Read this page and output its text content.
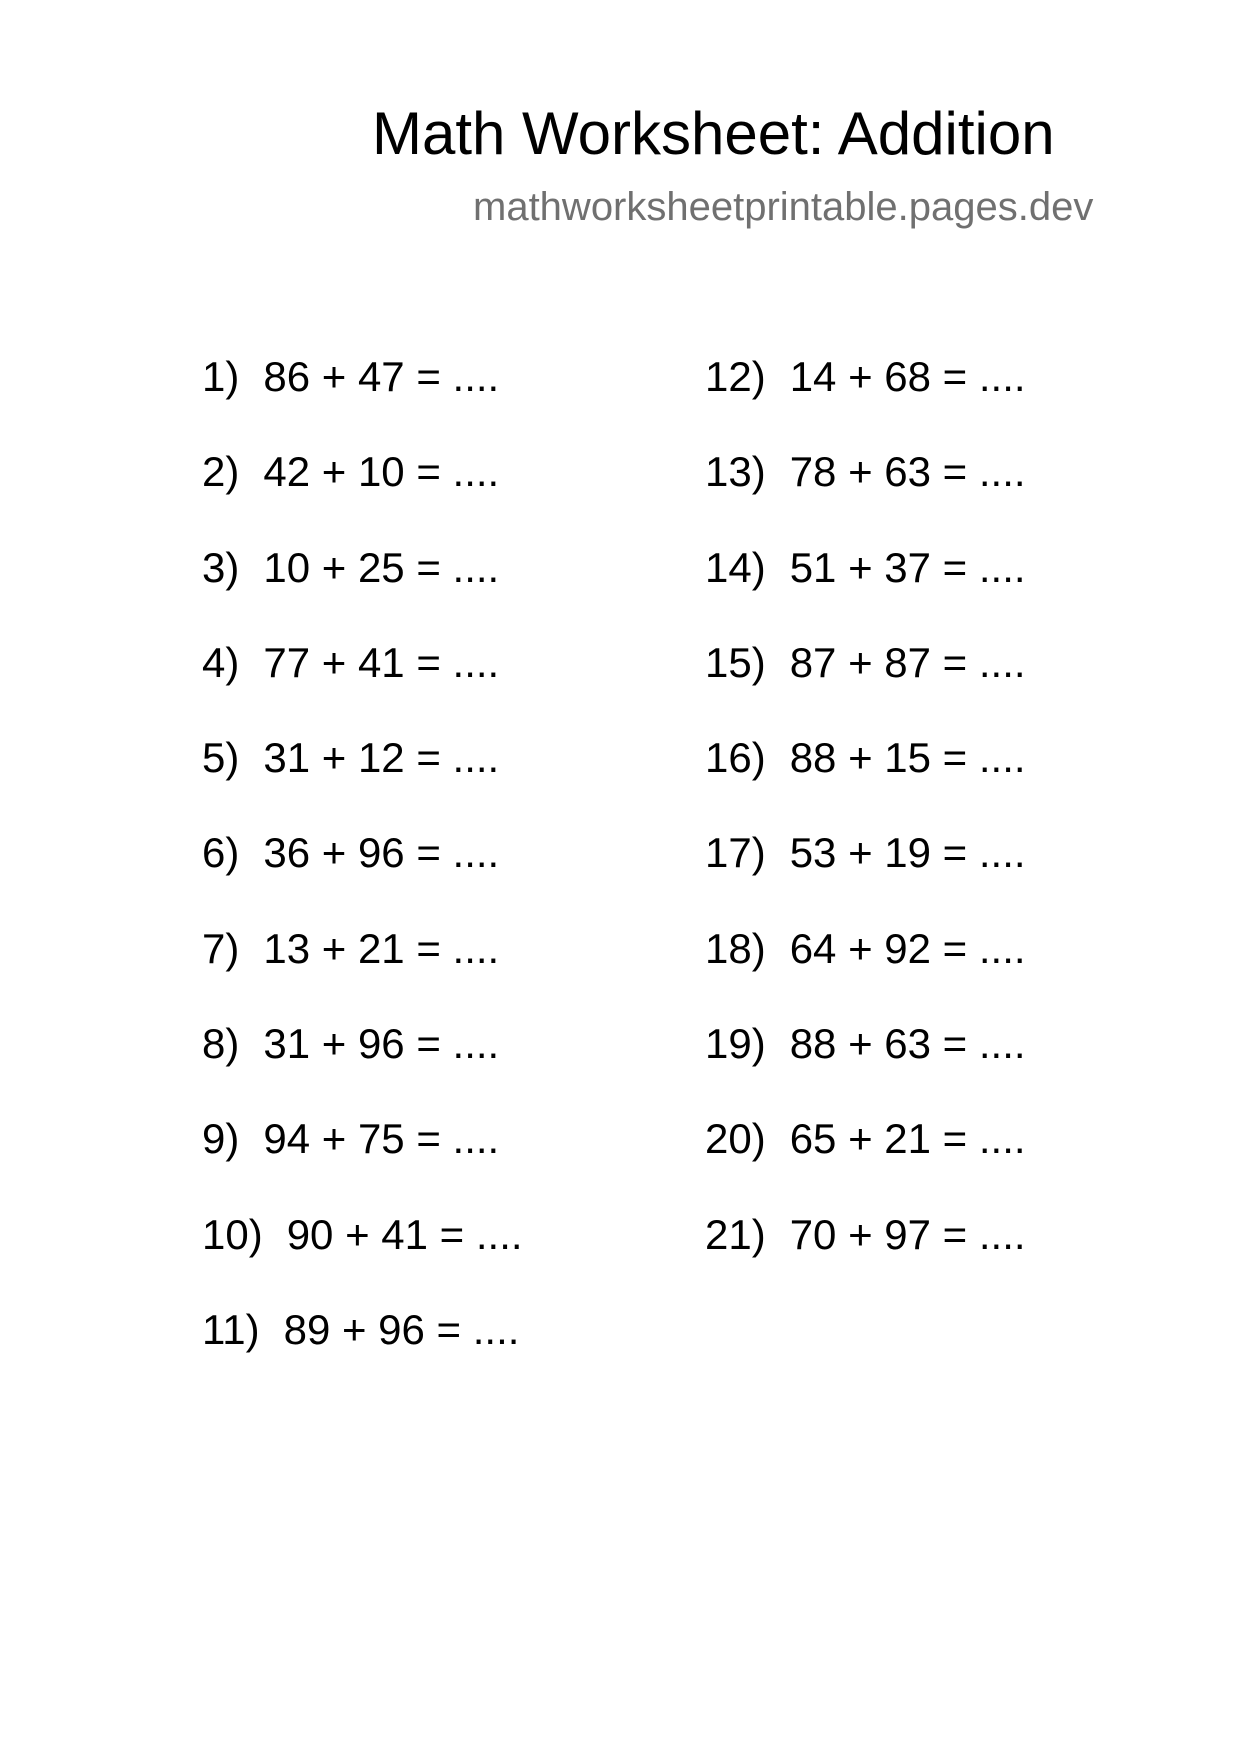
Math Worksheet: Addition
mathworksheetprintable.pages.dev
1) 86 + 47 = ....
2) 42 + 10 = ....
3) 10 + 25 = ....
4) 77 + 41 = ....
5) 31 + 12 = ....
6) 36 + 96 = ....
7) 13 + 21 = ....
8) 31 + 96 = ....
9) 94 + 75 = ....
10) 90 + 41 = ....
11) 89 + 96 = ....
12) 14 + 68 = ....
13) 78 + 63 = ....
14) 51 + 37 = ....
15) 87 + 87 = ....
16) 88 + 15 = ....
17) 53 + 19 = ....
18) 64 + 92 = ....
19) 88 + 63 = ....
20) 65 + 21 = ....
21) 70 + 97 = ....
